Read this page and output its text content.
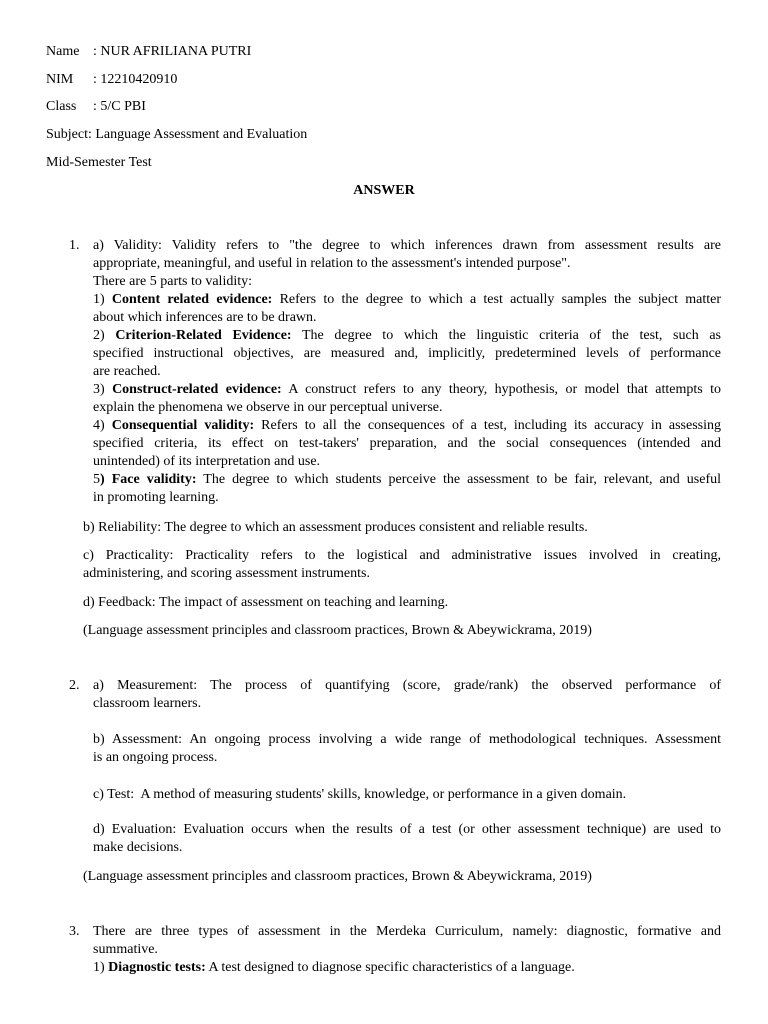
Name : NUR AFRILIANA PUTRI
NIM : 12210420910
Class : 5/C PBI
Subject: Language Assessment and Evaluation
Mid-Semester Test
ANSWER
1. a) Validity: Validity refers to "the degree to which inferences drawn from assessment results are
appropriate, meaningful, and useful in relation to the assessment's intended purpose".
There are 5 parts to validity:
1) Content related evidence: Refers to the degree to which a test actually samples the subject matter
about which inferences are to be drawn.
2) Criterion-Related Evidence: The degree to which the linguistic criteria of the test, such as
specified instructional objectives, are measured and, implicitly, predetermined levels of performance
are reached.
3) Construct-related evidence: A construct refers to any theory, hypothesis, or model that attempts to
explain the phenomena we observe in our perceptual universe.
4) Consequential validity: Refers to all the consequences of a test, including its accuracy in assessing
specified criteria, its effect on test-takers' preparation, and the social consequences (intended and
unintended) of its interpretation and use.
5) Face validity: The degree to which students perceive the assessment to be fair, relevant, and useful
in promoting learning.
b) Reliability: The degree to which an assessment produces consistent and reliable results.
c) Practicality: Practicality refers to the logistical and administrative issues involved in creating,
administering, and scoring assessment instruments.
d) Feedback: The impact of assessment on teaching and learning.
(Language assessment principles and classroom practices, Brown & Abeywickrama, 2019)
2. a) Measurement: The process of quantifying (score, grade/rank) the observed performance of
classroom learners.
b) Assessment: An ongoing process involving a wide range of methodological techniques. Assessment
is an ongoing process.
c) Test:  A method of measuring students' skills, knowledge, or performance in a given domain.
d) Evaluation: Evaluation occurs when the results of a test (or other assessment technique) are used to
make decisions.
(Language assessment principles and classroom practices, Brown & Abeywickrama, 2019)
3. There are three types of assessment in the Merdeka Curriculum, namely: diagnostic, formative and
summative.
1) Diagnostic tests: A test designed to diagnose specific characteristics of a language.
